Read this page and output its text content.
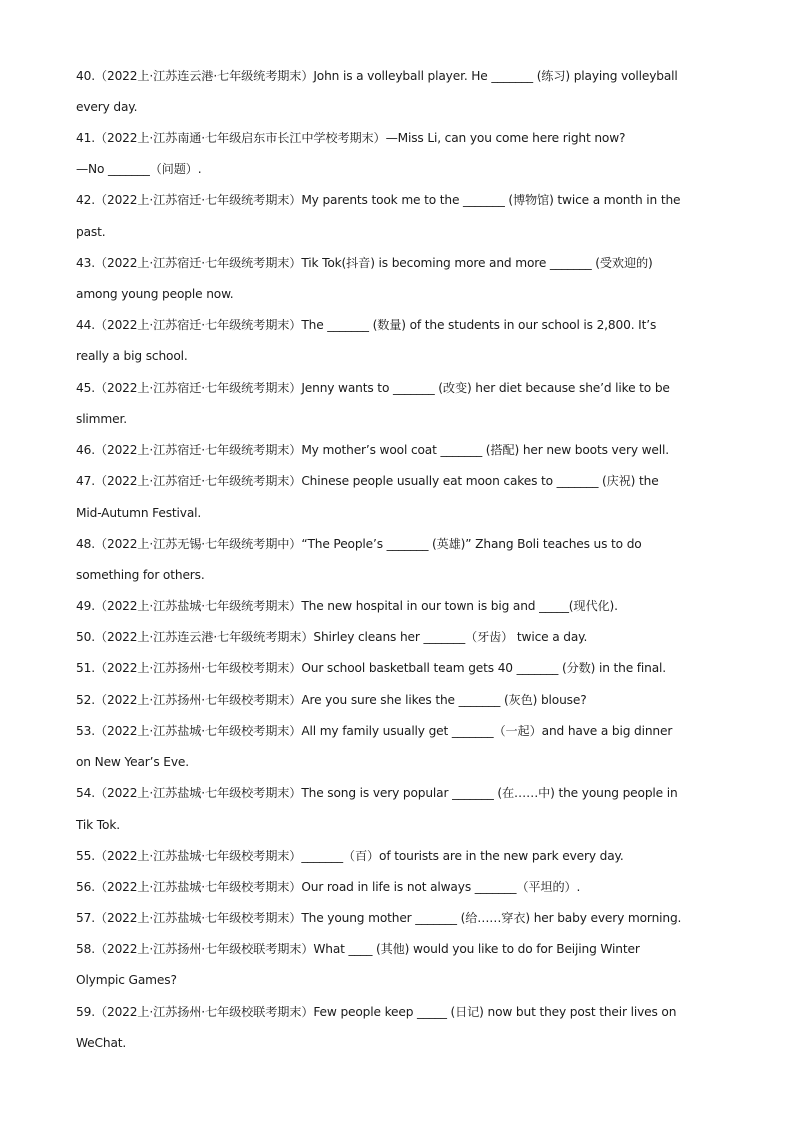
40.（2022上·江苏连云港·七年级统考期末）John is a volleyball player. He _______ (练习) playing volleyball
every day.
41.（2022上·江苏南通·七年级启东市长江中学校考期末）—Miss Li, can you come here right now?
—No _______（问题）.
42.（2022上·江苏宿迁·七年级统考期末）My parents took me to the _______ (博物馆) twice a month in the
past.
43.（2022上·江苏宿迁·七年级统考期末）Tik Tok(抖音) is becoming more and more _______ (受欢迎的)
among young people now.
44.（2022上·江苏宿迁·七年级统考期末）The _______ (数量) of the students in our school is 2,800. It’s
really a big school.
45.（2022上·江苏宿迁·七年级统考期末）Jenny wants to _______ (改变) her diet because she’d like to be
slimmer.
46.（2022上·江苏宿迁·七年级统考期末）My mother’s wool coat _______ (搭配) her new boots very well.
47.（2022上·江苏宿迁·七年级统考期末）Chinese people usually eat moon cakes to _______ (庆祝) the
Mid-Autumn Festival.
48.（2022上·江苏无锡·七年级统考期中）“The People’s _______ (英雄)” Zhang Boli teaches us to do
something for others.
49.（2022上·江苏盐城·七年级统考期末）The new hospital in our town is big and _____(现代化).
50.（2022上·江苏连云港·七年级统考期末）Shirley cleans her _______（牙齿） twice a day.
51.（2022上·江苏扬州·七年级校考期末）Our school basketball team gets 40 _______ (分数) in the final.
52.（2022上·江苏扬州·七年级校考期末）Are you sure she likes the _______ (灰色) blouse?
53.（2022上·江苏盐城·七年级校考期末）All my family usually get _______（一起）and have a big dinner
on New Year’s Eve.
54.（2022上·江苏盐城·七年级校考期末）The song is very popular _______ (在……中) the young people in
Tik Tok.
55.（2022上·江苏盐城·七年级校考期末）_______（百）of tourists are in the new park every day.
56.（2022上·江苏盐城·七年级校考期末）Our road in life is not always _______（平坦的）.
57.（2022上·江苏盐城·七年级校考期末）The young mother _______ (给……穿衣) her baby every morning.
58.（2022上·江苏扬州·七年级校联考期末）What ____ (其他) would you like to do for Beijing Winter
Olympic Games?
59.（2022上·江苏扬州·七年级校联考期末）Few people keep _____ (日记) now but they post their lives on
WeChat.
